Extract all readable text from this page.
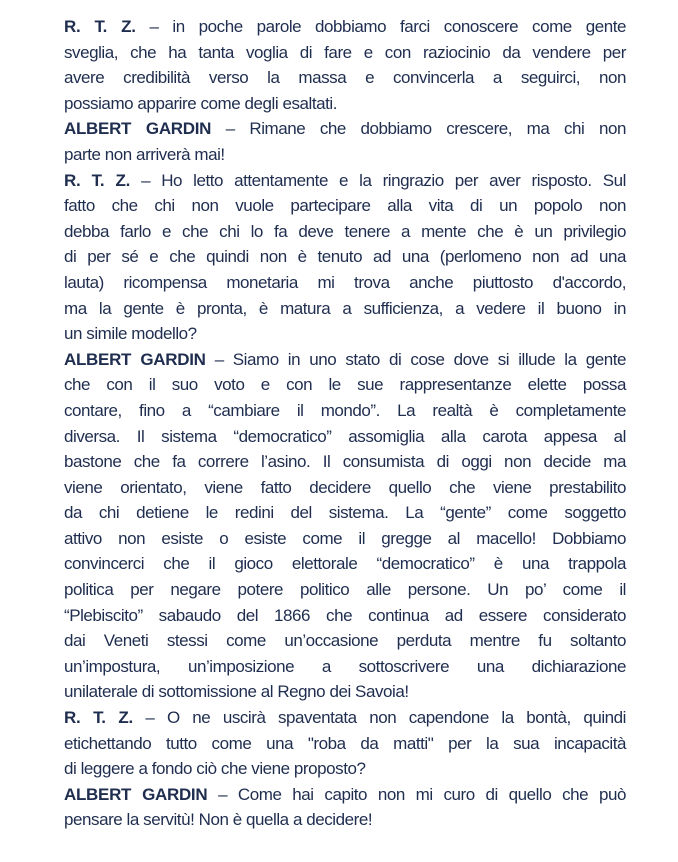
R. T. Z. – in poche parole dobbiamo farci conoscere come gente
sveglia, che ha tanta voglia di fare e con raziocinio da vendere per
avere credibilità verso la massa e convincerla a seguirci, non
possiamo apparire come degli esaltati.
ALBERT GARDIN – Rimane che dobbiamo crescere, ma chi non
parte non arriverà mai!
R. T. Z. – Ho letto attentamente e la ringrazio per aver risposto. Sul
fatto che chi non vuole partecipare alla vita di un popolo non
debba farlo e che chi lo fa deve tenere a mente che è un privilegio
di per sé e che quindi non è tenuto ad una (perlomeno non ad una
lauta) ricompensa monetaria mi trova anche piuttosto d'accordo,
ma la gente è pronta, è matura a sufficienza, a vedere il buono in
un simile modello?
ALBERT GARDIN – Siamo in uno stato di cose dove si illude la gente
che con il suo voto e con le sue rappresentanze elette possa
contare, fino a “cambiare il mondo”. La realtà è completamente
diversa. Il sistema “democratico” assomiglia alla carota appesa al
bastone che fa correre l’asino. Il consumista di oggi non decide ma
viene orientato, viene fatto decidere quello che viene prestabilito
da chi detiene le redini del sistema. La “gente” come soggetto
attivo non esiste o esiste come il gregge al macello! Dobbiamo
convincerci che il gioco elettorale “democratico” è una trappola
politica per negare potere politico alle persone. Un po’ come il
“Plebiscito” sabaudo del 1866 che continua ad essere considerato
dai Veneti stessi come un’occasione perduta mentre fu soltanto
un’impostura, un’imposizione a sottoscrivere una dichiarazione
unilaterale di sottomissione al Regno dei Savoia!
R. T. Z. – O ne uscirà spaventata non capendone la bontà, quindi
etichettando tutto come una "roba da matti" per la sua incapacità
di leggere a fondo ciò che viene proposto?
ALBERT GARDIN – Come hai capito non mi curo di quello che può
pensare la servitù! Non è quella a decidere!
